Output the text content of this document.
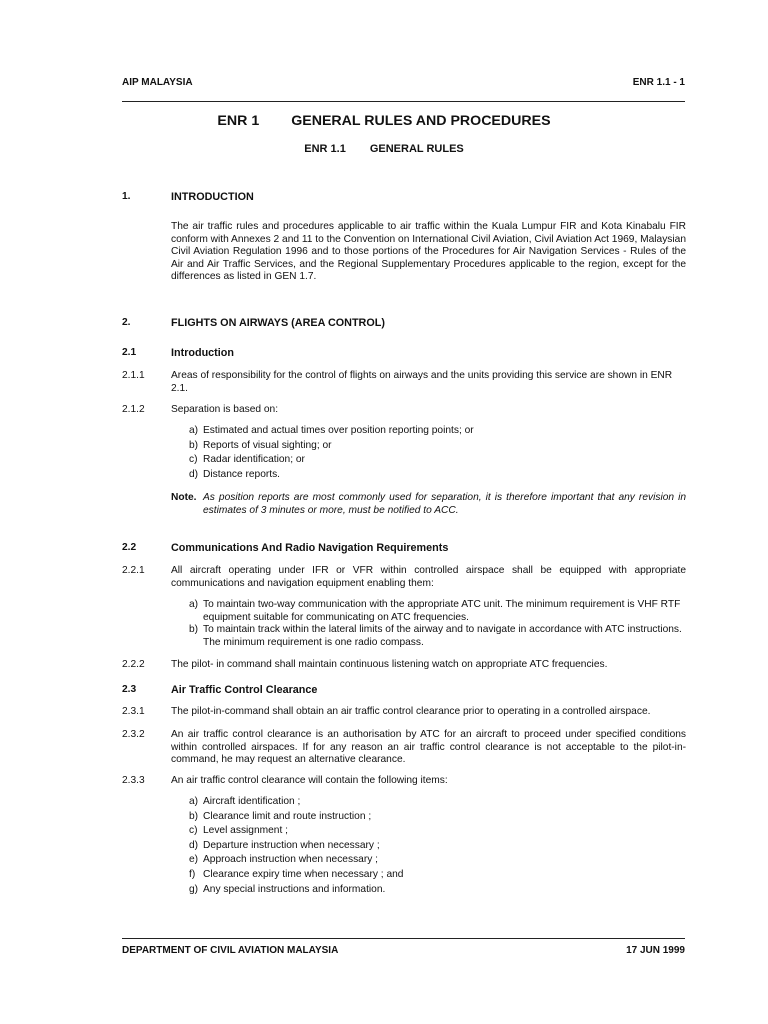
AIP MALAYSIA	ENR 1.1 - 1
ENR 1 GENERAL RULES AND PROCEDURES
ENR 1.1 GENERAL RULES
1.	INTRODUCTION
The air traffic rules and procedures applicable to air traffic within the Kuala Lumpur FIR and Kota Kinabalu FIR conform with Annexes 2 and 11 to the Convention on International Civil Aviation, Civil Aviation Act 1969, Malaysian Civil Aviation Regulation 1996 and to those portions of the Procedures for Air Navigation Services - Rules of the Air and Air Traffic Services, and the Regional Supplementary Procedures applicable to the region, except for the differences as listed in GEN 1.7.
2.	FLIGHTS ON AIRWAYS (AREA CONTROL)
2.1	Introduction
2.1.1	Areas of responsibility for the control of flights on airways and the units providing this service are shown in ENR 2.1.
2.1.2	Separation is based on:
a) Estimated and actual times over position reporting points; or
b) Reports of visual sighting; or
c) Radar identification; or
d) Distance reports.
Note. As position reports are most commonly used for separation, it is therefore important that any revision in estimates of 3 minutes or more, must be notified to ACC.
2.2	Communications And Radio Navigation Requirements
2.2.1	All aircraft operating under IFR or VFR within controlled airspace shall be equipped with appropriate communications and navigation equipment enabling them:
a) To maintain two-way communication with the appropriate ATC unit. The minimum requirement is VHF RTF equipment suitable for communicating on ATC frequencies.
b) To maintain track within the lateral limits of the airway and to navigate in accordance with ATC instructions. The minimum requirement is one radio compass.
2.2.2	The pilot- in command shall maintain continuous listening watch on appropriate ATC frequencies.
2.3	Air Traffic Control Clearance
2.3.1	The pilot-in-command shall obtain an air traffic control clearance prior to operating in a controlled airspace.
2.3.2	An air traffic control clearance is an authorisation by ATC for an aircraft to proceed under specified conditions within controlled airspaces. If for any reason an air traffic control clearance is not acceptable to the pilot-in-command, he may request an alternative clearance.
2.3.3	An air traffic control clearance will contain the following items:
a) Aircraft identification ;
b) Clearance limit and route instruction ;
c) Level assignment ;
d) Departure instruction when necessary ;
e) Approach instruction when necessary ;
f) Clearance expiry time when necessary ; and
g) Any special instructions and information.
DEPARTMENT OF CIVIL AVIATION MALAYSIA	17 JUN 1999
